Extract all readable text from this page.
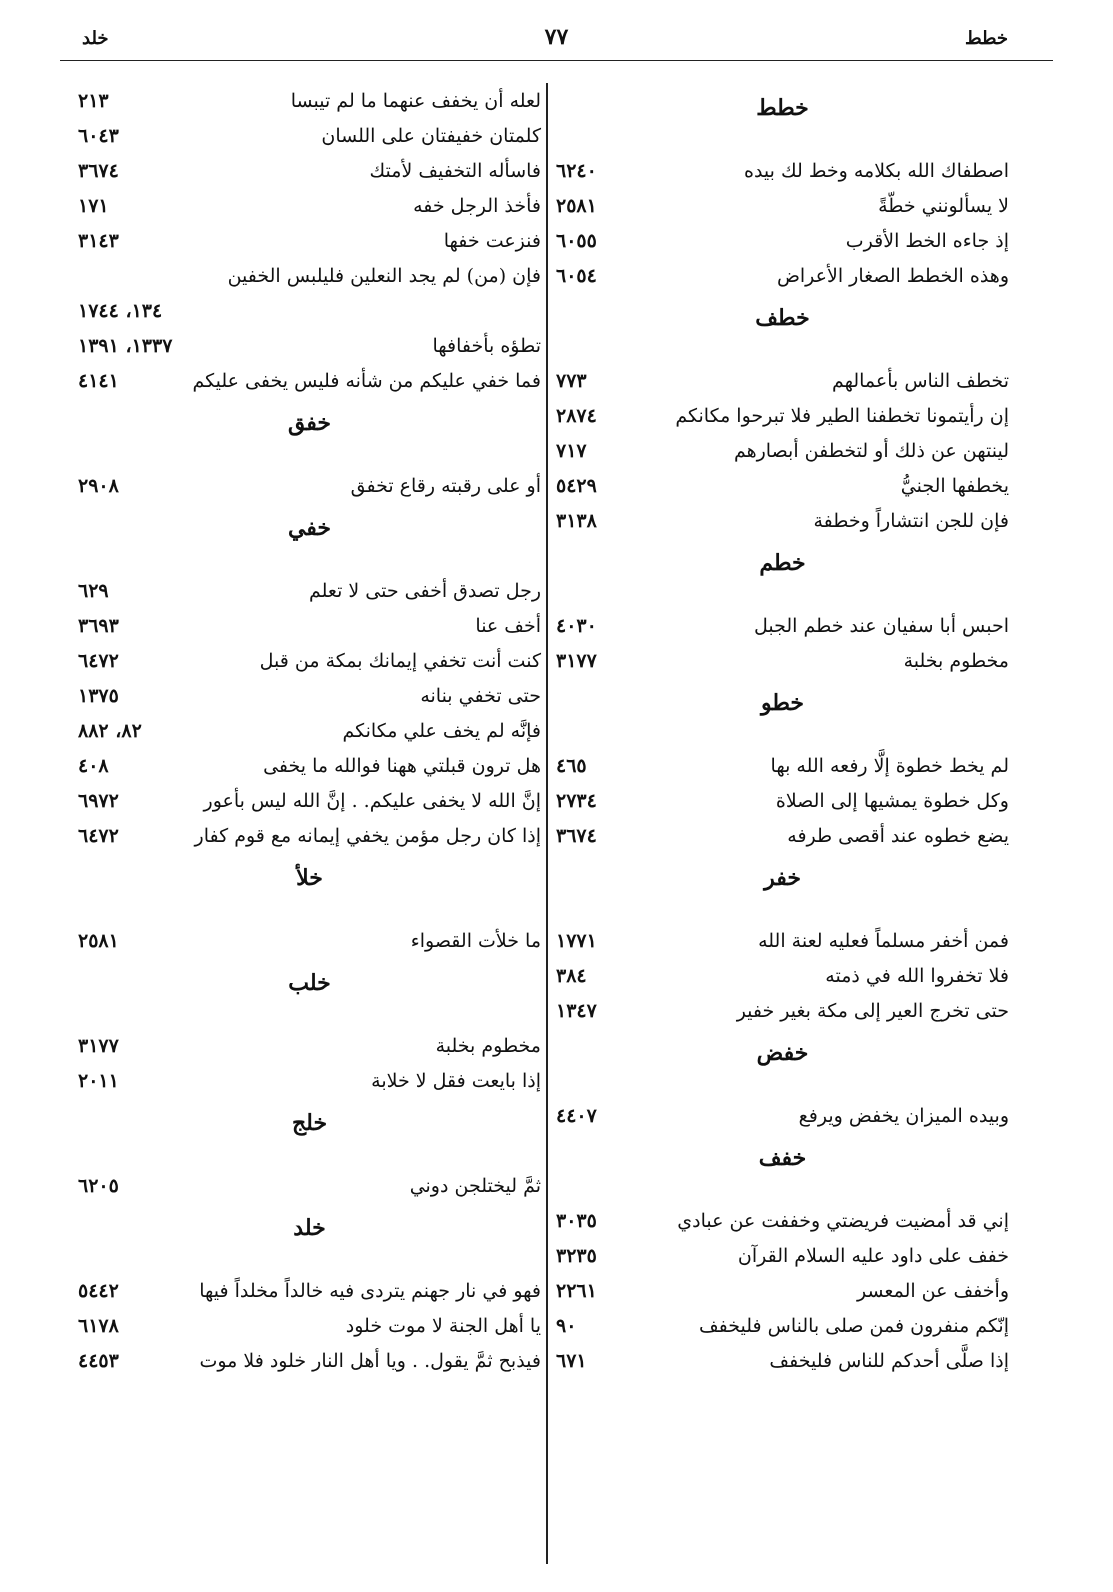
خطط
٧٧
خلد
خطط
اصطفاك الله بكلامه وخط لك بيده
٦٢٤٠
لا يسألونني خطّةً
٢٥٨١
إذ جاءه الخط الأقرب
٦٠٥٥
وهذه الخطط الصغار الأعراض
٦٠٥٤
خطف
تخطف الناس بأعمالهم
٧٧٣
إن رأيتمونا تخطفنا الطير فلا تبرحوا مكانكم
٢٨٧٤
لينتهن عن ذلك أو لتخطفن أبصارهم
٧١٧
يخطفها الجنيُّ
٥٤٢٩
فإن للجن انتشاراً وخطفة
٣١٣٨
خطم
احبس أبا سفيان عند خطم الجبل
٤٠٣٠
مخطوم بخلبة
٣١٧٧
خطو
لم يخط خطوة إلَّا رفعه الله بها
٤٦٥
وكل خطوة يمشيها إلى الصلاة
٢٧٣٤
يضع خطوه عند أقصى طرفه
٣٦٧٤
خفر
فمن أخفر مسلماً فعليه لعنة الله
١٧٧١
فلا تخفروا الله في ذمته
٣٨٤
حتى تخرج العير إلى مكة بغير خفير
١٣٤٧
خفض
وبيده الميزان يخفض ويرفع
٤٤٠٧
خفف
إني قد أمضيت فريضتي وخففت عن عبادي
٣٠٣٥
خفف على داود عليه السلام القرآن
٣٢٣٥
وأخفف عن المعسر
٢٢٦١
إنّكم منفرون فمن صلى بالناس فليخفف
٩٠
إذا صلَّى أحدكم للناس فليخفف
٦٧١
لعله أن يخفف عنهما ما لم تيبسا
٢١٣
كلمتان خفيفتان على اللسان
٦٠٤٣
فاسأله التخفيف لأمتك
٣٦٧٤
فأخذ الرجل خفه
١٧١
فنزعت خفها
٣١٤٣
فإن (من) لم يجد النعلين فليلبس الخفين
١٣٤، ١٧٤٤
تطؤه بأخفافها
١٣٣٧، ١٣٩١
فما خفي عليكم من شأنه فليس يخفى عليكم
٤١٤١
خفق
أو على رقبته رقاع تخفق
٢٩٠٨
خفي
رجل تصدق أخفى حتى لا تعلم
٦٢٩
أخف عنا
٣٦٩٣
كنت أنت تخفي إيمانك بمكة من قبل
٦٤٧٢
حتى تخفي بنانه
١٣٧٥
فإنَّه لم يخف علي مكانكم
٨٢، ٨٨٢
هل ترون قبلتي ههنا فوالله ما يخفى
٤٠٨
إنَّ الله لا يخفى عليكم. . إنَّ الله ليس بأعور
٦٩٧٢
إذا كان رجل مؤمن يخفي إيمانه مع قوم كفار
٦٤٧٢
خلأ
ما خلأت القصواء
٢٥٨١
خلب
مخطوم بخلبة
٣١٧٧
إذا بايعت فقل لا خلابة
٢٠١١
خلج
ثمَّ ليختلجن دوني
٦٢٠٥
خلد
فهو في نار جهنم يتردى فيه خالداً مخلداً فيها
٥٤٤٢
يا أهل الجنة لا موت خلود
٦١٧٨
فيذبح ثمَّ يقول. . ويا أهل النار خلود فلا موت
٤٤٥٣
